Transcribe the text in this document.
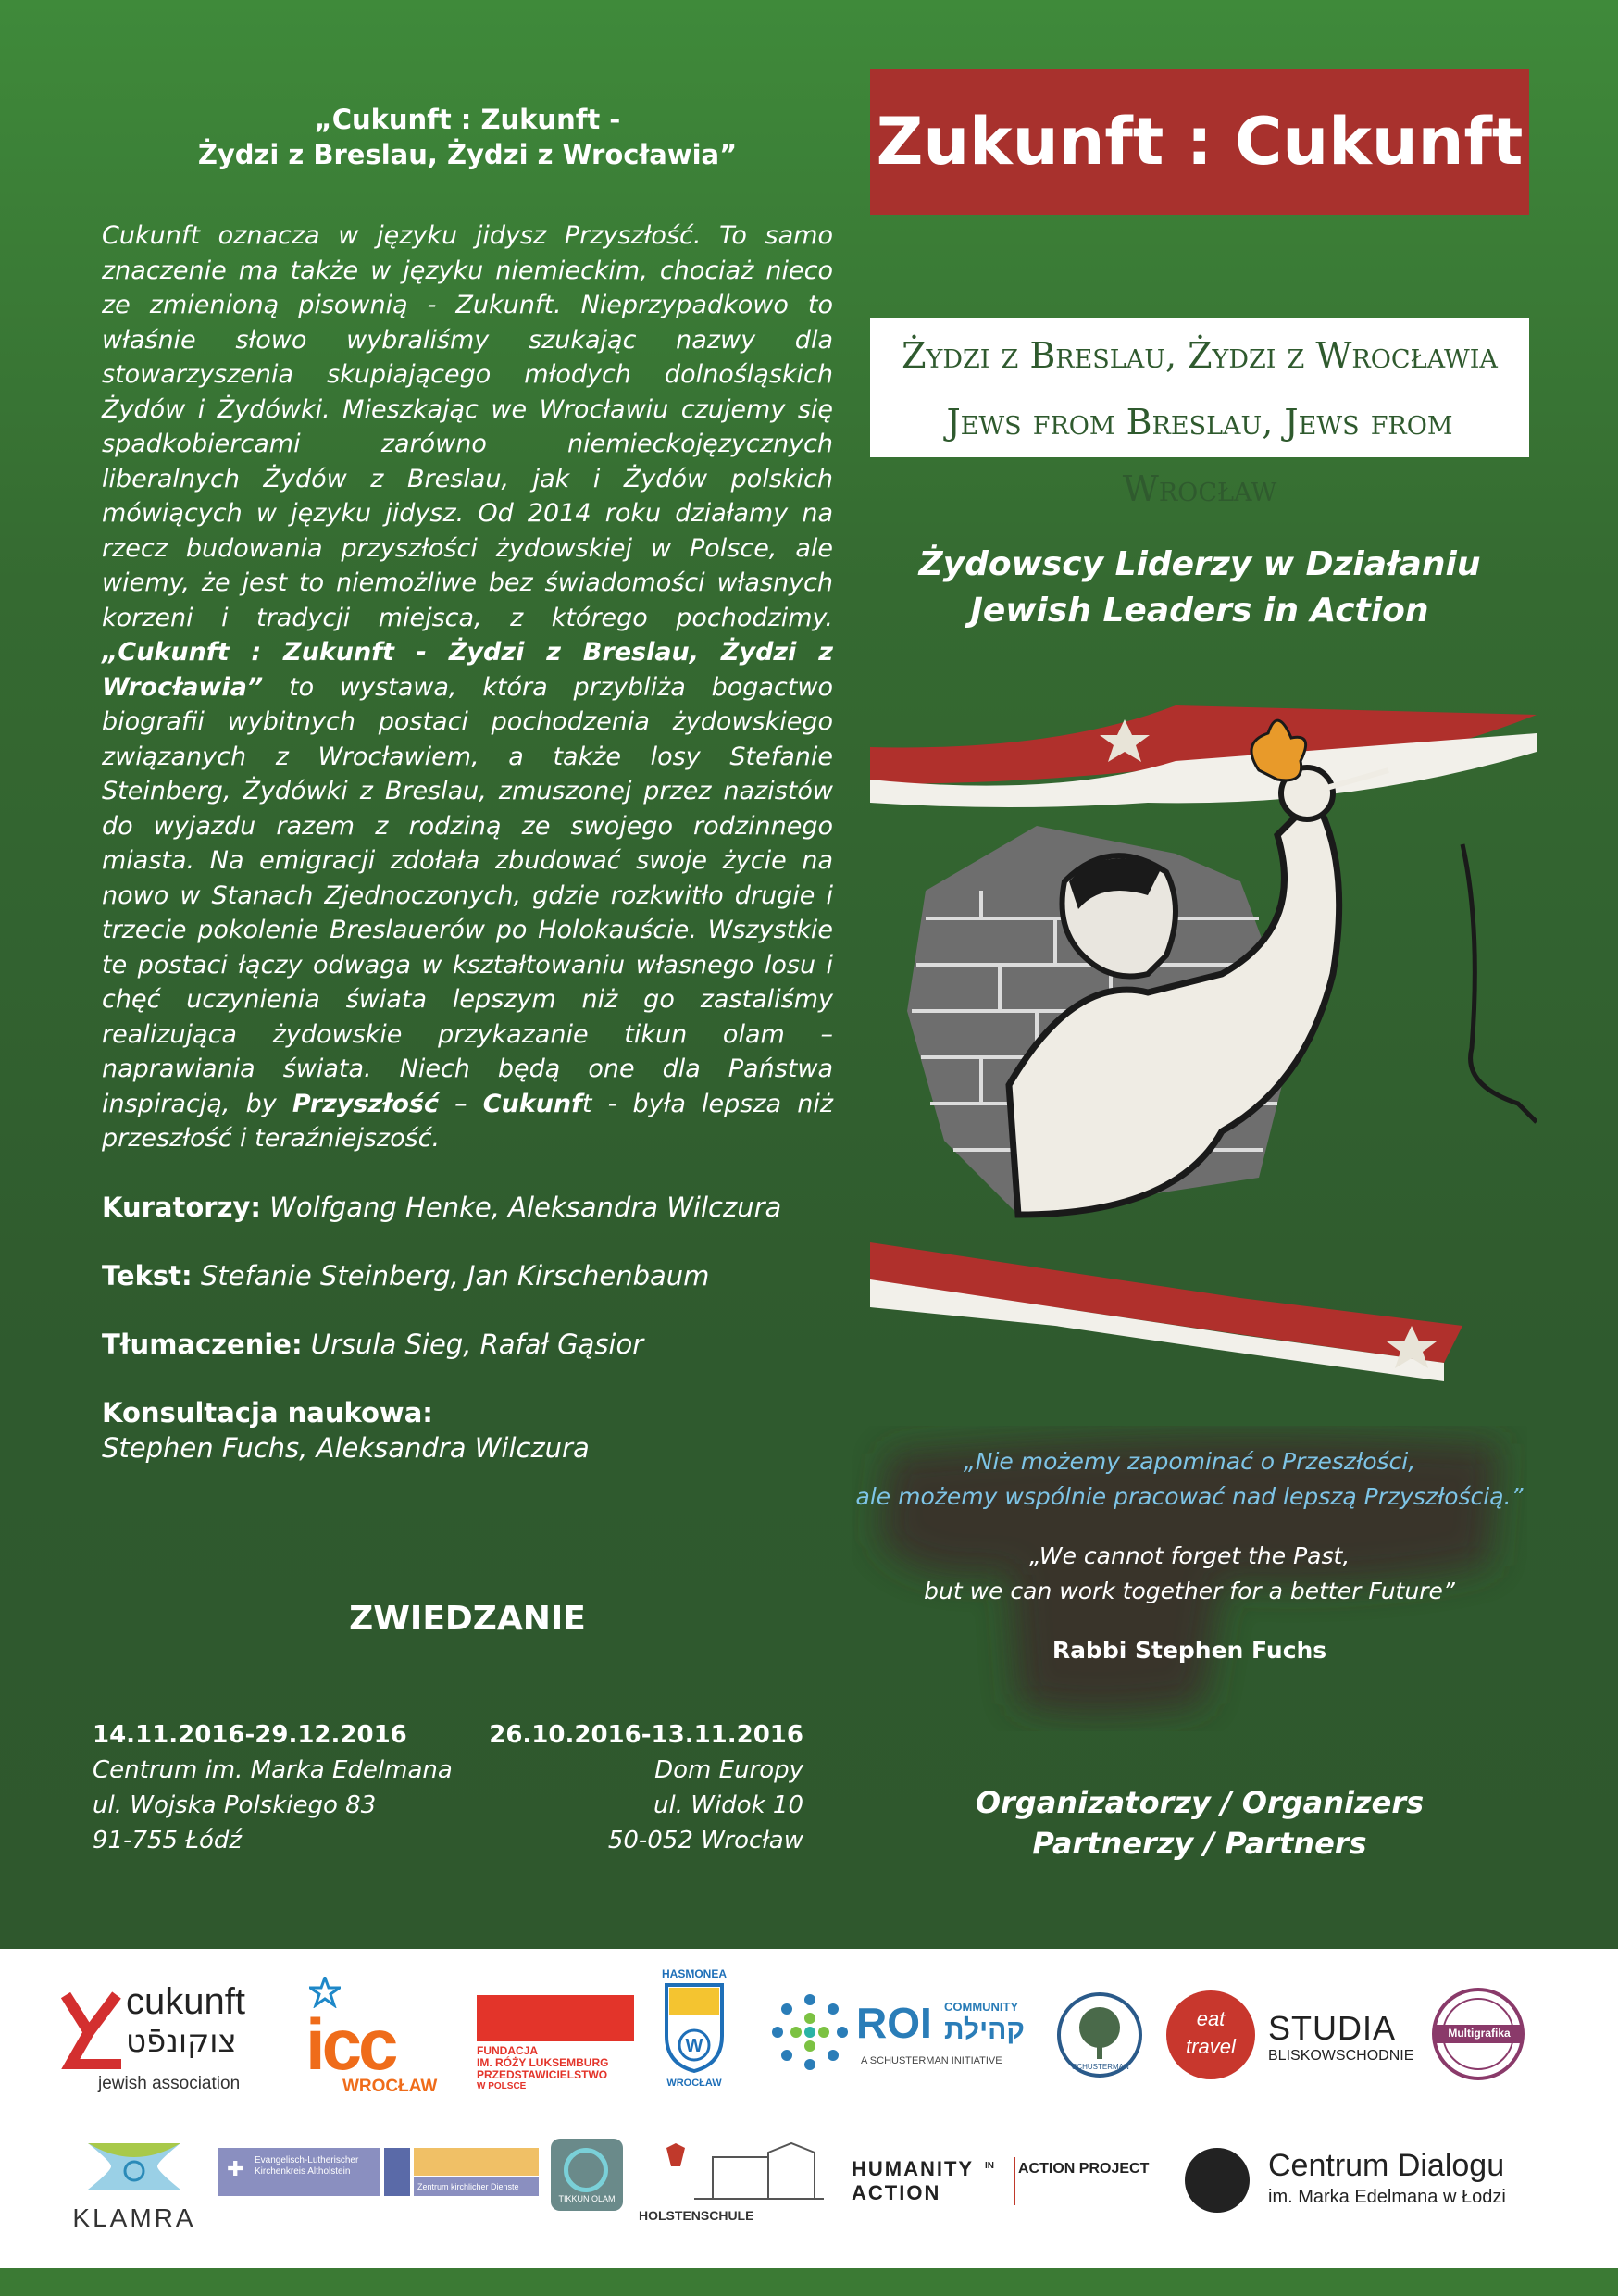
„Cukunft : Zukunft -
Żydzi z Breslau, Żydzi z Wrocławia”

Cukunft oznacza w języku jidysz Przyszłość. To samo znaczenie ma także w języku niemieckim, chociaż nieco ze zmienioną pisownią - Zukunft. Nieprzypadkowo to właśnie słowo wybraliśmy szukając nazwy dla stowarzyszenia skupiającego młodych dolnośląskich Żydów i Żydówki. Mieszkając we Wrocławiu czujemy się spadkobiercami zarówno niemieckojęzycznych liberalnych Żydów z Breslau, jak i Żydów polskich mówiących w języku jidysz. Od 2014 roku działamy na rzecz budowania przyszłości żydowskiej w Polsce, ale wiemy, że jest to niemożliwe bez świadomości własnych korzeni i tradycji miejsca, z którego pochodzimy. „Cukunft : Zukunft - Żydzi z Breslau, Żydzi z Wrocławia” to wystawa, która przybliża bogactwo biografii wybitnych postaci pochodzenia żydowskiego związanych z Wrocławiem, a także losy Stefanie Steinberg, Żydówki z Breslau, zmuszonej przez nazistów do wyjazdu razem z rodziną ze swojego rodzinnego miasta. Na emigracji zdołała zbudować swoje życie na nowo w Stanach Zjednoczonych, gdzie rozkwitło drugie i trzecie pokolenie Breslauerów po Holokauście. Wszystkie te postaci łączy odwaga w kształtowaniu własnego losu i chęć uczynienia świata lepszym niż go zastaliśmy realizująca żydowskie przykazanie tikun olam – naprawiania świata. Niech będą one dla Państwa inspiracją, by Przyszłość – Cukunft - była lepsza niż przeszłość i teraźniejszość.

Kuratorzy: Wolfgang Henke, Aleksandra Wilczura
Tekst: Stefanie Steinberg, Jan Kirschenbaum
Tłumaczenie: Ursula Sieg, Rafał Gąsior
Konsultacja naukowa:
Stephen Fuchs, Aleksandra Wilczura
ZWIEDZANIE
14.11.2016-29.12.2016
Centrum im. Marka Edelmana
ul. Wojska Polskiego 83
91-755 Łódź
26.10.2016-13.11.2016
Dom Europy
ul. Widok 10
50-052 Wrocław
Zukunft : Cukunft
Żydzi z Breslau, Żydzi z Wrocławia
Jews from Breslau, Jews from Wrocław
Żydowscy Liderzy w Działaniu
Jewish Leaders in Action
„Nie możemy zapominać o Przeszłości,
ale możemy wspólnie pracować nad lepszą Przyszłością.”
„We cannot forget the Past,
but we can work together for a better Future”
Rabbi Stephen Fuchs
Organizatorzy / Organizers
Partnerzy / Partners
cukunft
צוקונפֿט
jewish association icc
WROCŁAW
FUNDACJA
IM. RÓŻY LUKSEMBURG
PRZEDSTAWICIELSTWO
W POLSCE
HASMONEA
W
WROCŁAW
ROI COMMUNITY
קהילת
A SCHUSTERMAN INITIATIVE
SCHUSTERMAN
eat
travel STUDIA
BLISKOWSCHODNIE
Multigrafika
KLAMRA
✚ Evangelisch-Lutherischer
Kirchenkreis Altholstein
Zentrum kirchlicher Dienste
TIKKUN OLAM
HOLSTENSCHULE
HUMANITY IN
ACTION
ACTION PROJECT	Centrum Dialogu
im. Marka Edelmana w Łodzi
